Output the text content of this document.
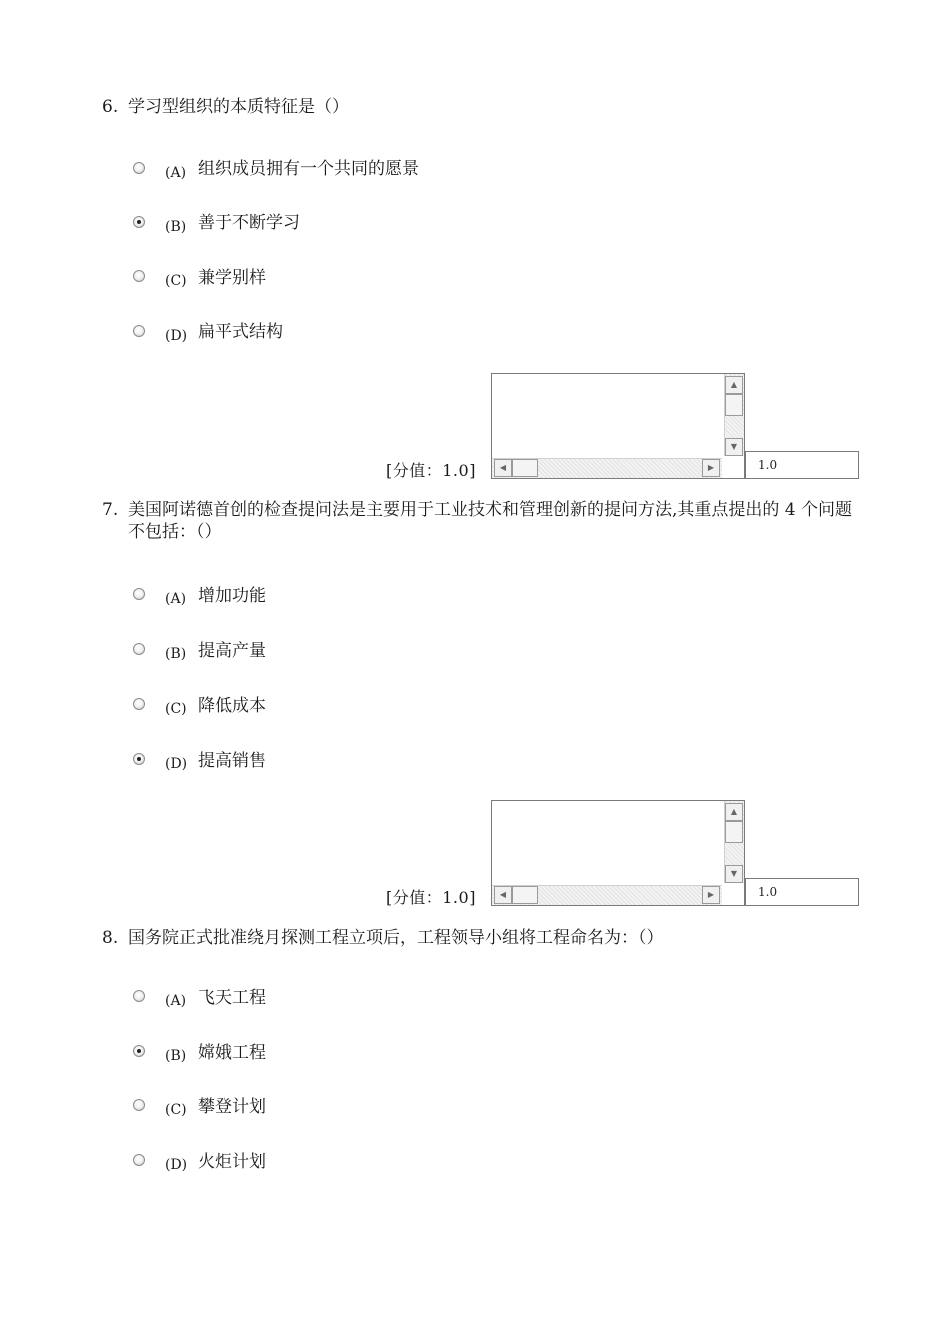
6. 学习型组织的本质特征是（）
(A) 组织成员拥有一个共同的愿景
(B) 善于不断学习
(C) 兼学别样
(D) 扁平式结构
[分值：1.0]
▲
▼
◀	▶	1.0
7. 美国阿诺德首创的检查提问法是主要用于工业技术和管理创新的提问方法,其重点提出的 4 个问题不包括：（）
(A) 增加功能
(B) 提高产量
(C) 降低成本
(D) 提高销售
[分值：1.0]
▲
▼
◀	▶	1.0
8. 国务院正式批准绕月探测工程立项后，工程领导小组将工程命名为：（）
(A) 飞天工程
(B) 嫦娥工程
(C) 攀登计划
(D) 火炬计划
